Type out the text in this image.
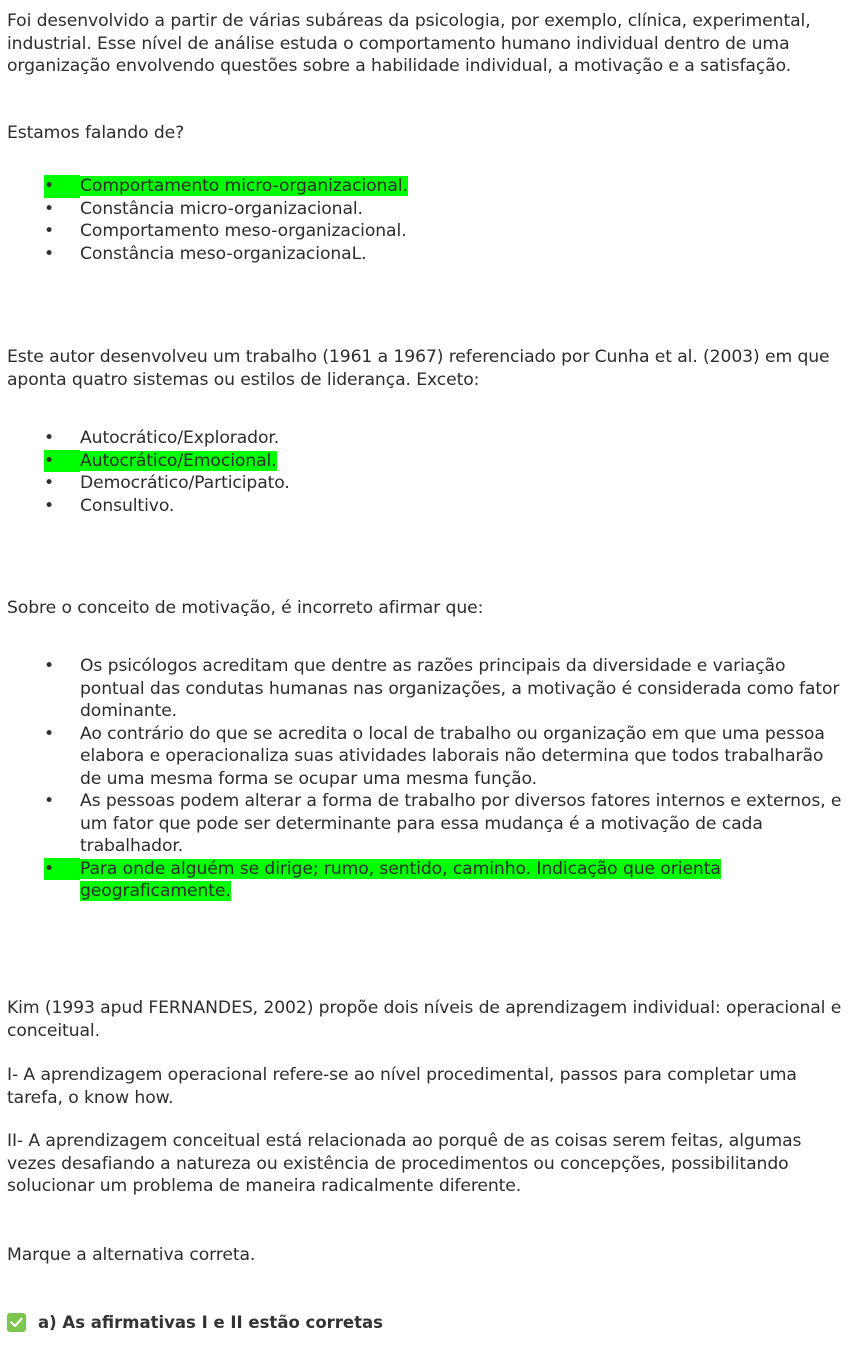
Foi desenvolvido a partir de várias subáreas da psicologia, por exemplo, clínica, experimental, industrial. Esse nível de análise estuda o comportamento humano individual dentro de uma organização envolvendo questões sobre a habilidade individual, a motivação e a satisfação.

Estamos falando de?

•	Comportamento micro-organizacional.
•	Constância micro-organizacional.
•	Comportamento meso-organizacional.
•	Constância meso-organizacionaL.

Este autor desenvolveu um trabalho (1961 a 1967) referenciado por Cunha et al. (2003) em que aponta quatro sistemas ou estilos de liderança. Exceto:

•	Autocrático/Explorador.
•	Autocrático/Emocional.
•	Democrático/Participato.
•	Consultivo.

Sobre o conceito de motivação, é incorreto afirmar que:

•	Os psicólogos acreditam que dentre as razões principais da diversidade e variação pontual das condutas humanas nas organizações, a motivação é considerada como fator dominante.
•	Ao contrário do que se acredita o local de trabalho ou organização em que uma pessoa elabora e operacionaliza suas atividades laborais não determina que todos trabalharão de uma mesma forma se ocupar uma mesma função.
•	As pessoas podem alterar a forma de trabalho por diversos fatores internos e externos, e um fator que pode ser determinante para essa mudança é a motivação de cada trabalhador.
•	Para onde alguém se dirige; rumo, sentido, caminho. Indicação que orienta geograficamente.

Kim (1993 apud FERNANDES, 2002) propõe dois níveis de aprendizagem individual: operacional e conceitual.

I- A aprendizagem operacional refere-se ao nível procedimental, passos para completar uma tarefa, o know how.

II- A aprendizagem conceitual está relacionada ao porquê de as coisas serem feitas, algumas vezes desafiando a natureza ou existência de procedimentos ou concepções, possibilitando solucionar um problema de maneira radicalmente diferente.

Marque a alternativa correta.

a) As afirmativas I e II estão corretas
